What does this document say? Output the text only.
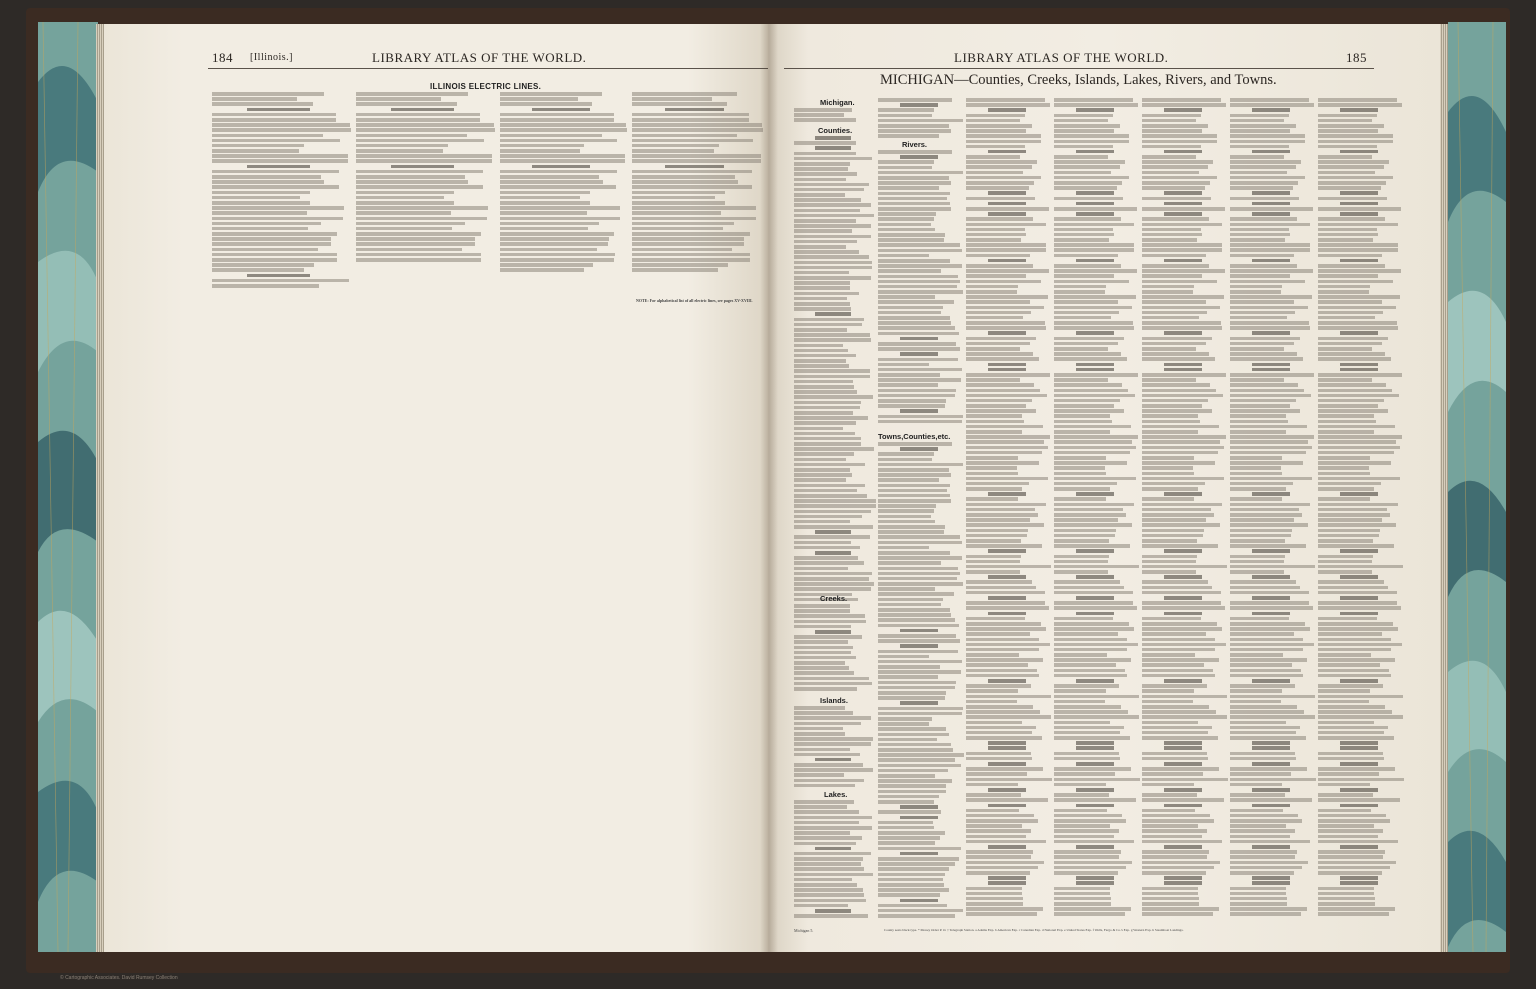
184 [Illinois.]	LIBRARY ATLAS OF THE WORLD.
ILLINOIS ELECTRIC LINES.
NOTE: For alphabetical list of all electric lines, see pages XV-XVIII.
LIBRARY ATLAS OF THE WORLD.	185
MICHIGAN—Counties, Creeks, Islands, Lakes, Rivers, and Towns.
Michigan.
Counties.
Creeks.
Islands.
Lakes.
Rivers.
Towns,Counties,etc.
Michigan 5.	County seats black type. * Money Order P. O. † Telegraph Station. a Adams Exp. b American Exp. c Canadian Exp. d National Exp. e United States Exp. f Wells, Fargo & Co.'s Exp. g Western Exp. h Steamboat Landings.
© Cartographic Associates. David Rumsey Collection
